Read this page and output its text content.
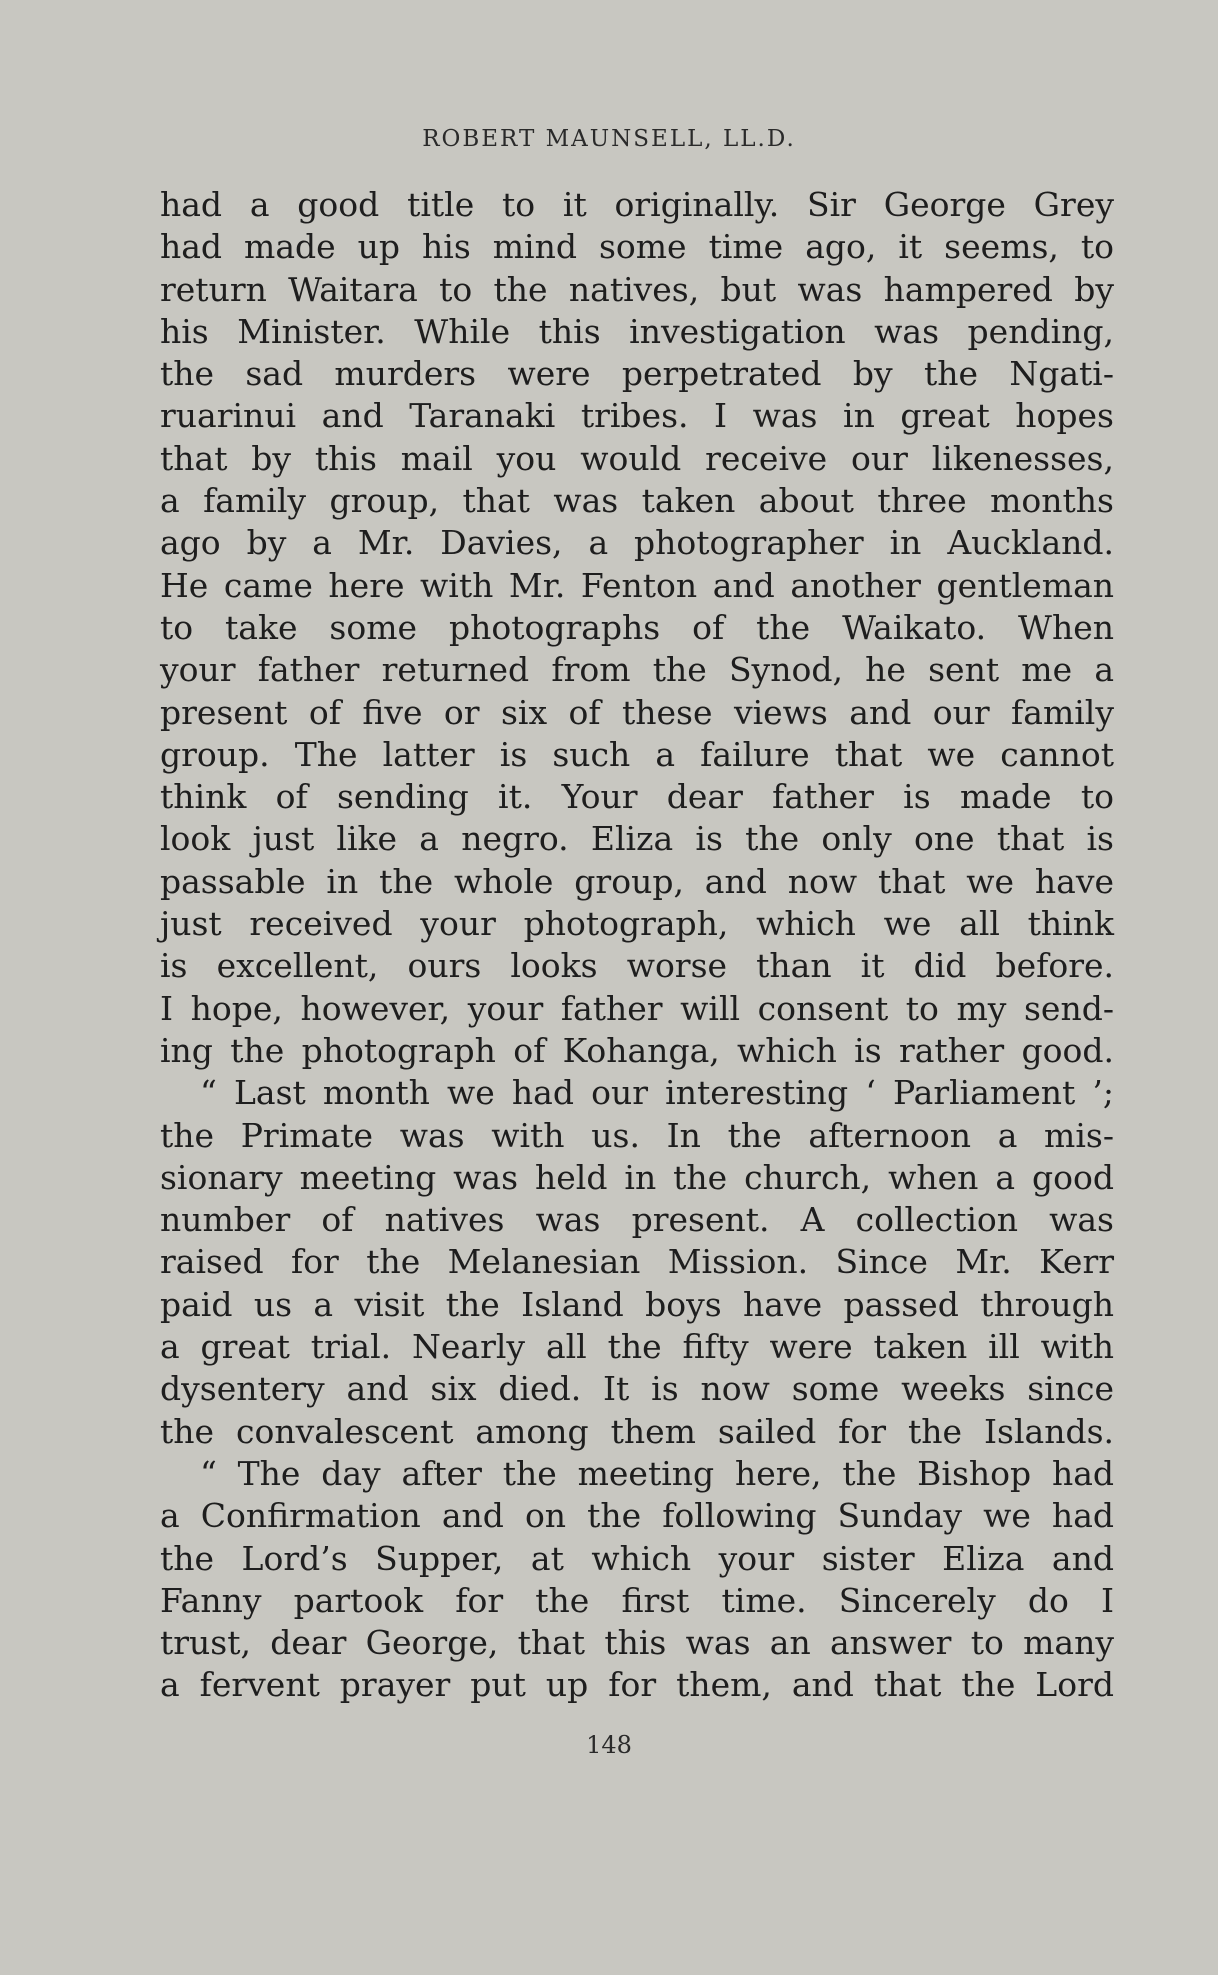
ROBERT MAUNSELL, LL.D.
had a good title to it originally. Sir George Grey
had made up his mind some time ago, it seems, to
return Waitara to the natives, but was hampered by
his Minister. While this investigation was pending,
the sad murders were perpetrated by the Ngati-
ruarinui and Taranaki tribes. I was in great hopes
that by this mail you would receive our likenesses,
a family group, that was taken about three months
ago by a Mr. Davies, a photographer in Auckland.
He came here with Mr. Fenton and another gentleman
to take some photographs of the Waikato. When
your father returned from the Synod, he sent me a
present of five or six of these views and our family
group. The latter is such a failure that we cannot
think of sending it. Your dear father is made to
look just like a negro. Eliza is the only one that is
passable in the whole group, and now that we have
just received your photograph, which we all think
is excellent, ours looks worse than it did before.
I hope, however, your father will consent to my send-
ing the photograph of Kohanga, which is rather good.
“ Last month we had our interesting ‘ Parliament ’;
the Primate was with us. In the afternoon a mis-
sionary meeting was held in the church, when a good
number of natives was present. A collection was
raised for the Melanesian Mission. Since Mr. Kerr
paid us a visit the Island boys have passed through
a great trial. Nearly all the fifty were taken ill with
dysentery and six died. It is now some weeks since
the convalescent among them sailed for the Islands.
“ The day after the meeting here, the Bishop had
a Confirmation and on the following Sunday we had
the Lord’s Supper, at which your sister Eliza and
Fanny partook for the first time. Sincerely do I
trust, dear George, that this was an answer to many
a fervent prayer put up for them, and that the Lord
148
